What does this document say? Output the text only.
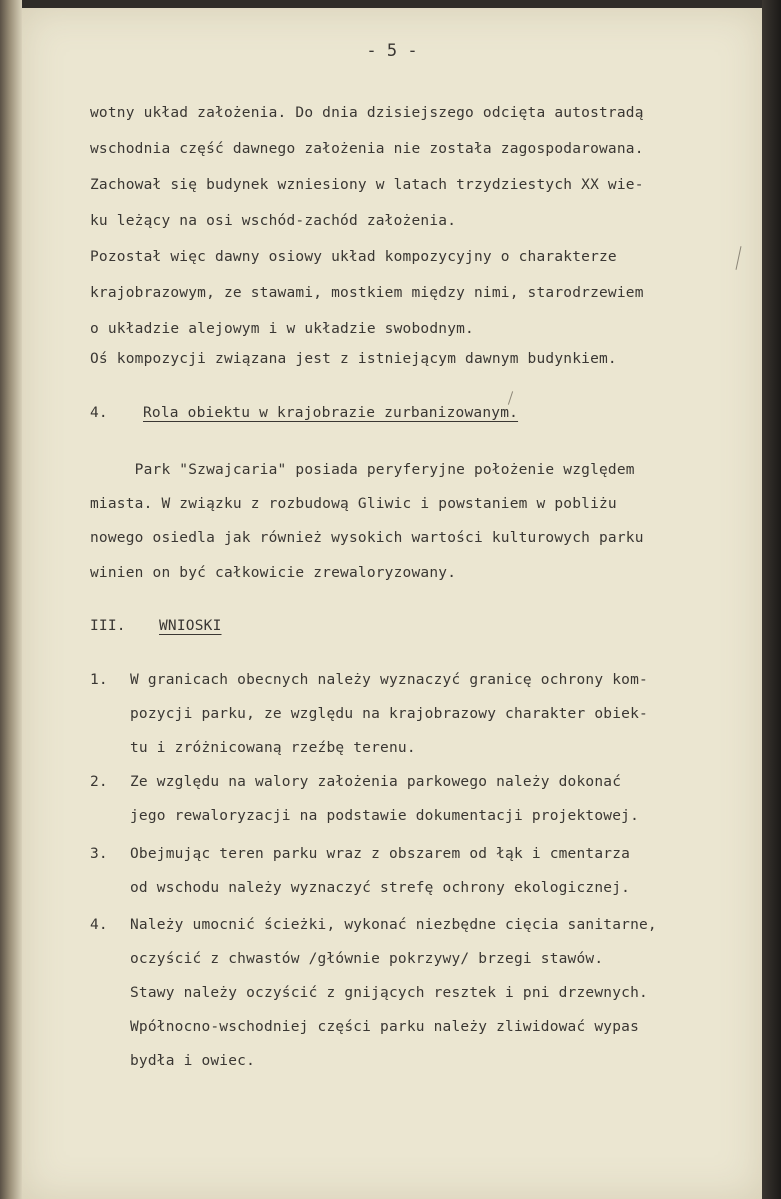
- 5 -
wotny układ założenia. Do dnia dzisiejszego odcięta autostradą
wschodnia część dawnego założenia nie została zagospodarowana.
Zachował się budynek wzniesiony w latach trzydziestych XX wie-
ku leżący na osi wschód-zachód założenia.
Pozostał więc dawny osiowy układ kompozycyjny o charakterze
krajobrazowym, ze stawami, mostkiem między nimi, starodrzewiem
o układzie alejowym i w układzie swobodnym.
Oś kompozycji związana jest z istniejącym dawnym budynkiem.
4. Rola obiektu w krajobrazie zurbanizowanym.
Park "Szwajcaria" posiada peryferyjne położenie względem
miasta. W związku z rozbudową Gliwic i powstaniem w pobliżu
nowego osiedla jak również wysokich wartości kulturowych parku
winien on być całkowicie zrewaloryzowany.
III. WNIOSKI
1. W granicach obecnych należy wyznaczyć granicę ochrony kom-
pozycji parku, ze względu na krajobrazowy charakter obiek-
tu i zróżnicowaną rzeźbę terenu.
2. Ze względu na walory założenia parkowego należy dokonać
jego rewaloryzacji na podstawie dokumentacji projektowej.
3. Obejmując teren parku wraz z obszarem od łąk i cmentarza
od wschodu należy wyznaczyć strefę ochrony ekologicznej.
4. Należy umocnić ścieżki, wykonać niezbędne cięcia sanitarne,
oczyścić z chwastów /głównie pokrzywy/ brzegi stawów.
Stawy należy oczyścić z gnijących resztek i pni drzewnych.
Wpółnocno-wschodniej części parku należy zliwidować wypas
bydła i owiec.
